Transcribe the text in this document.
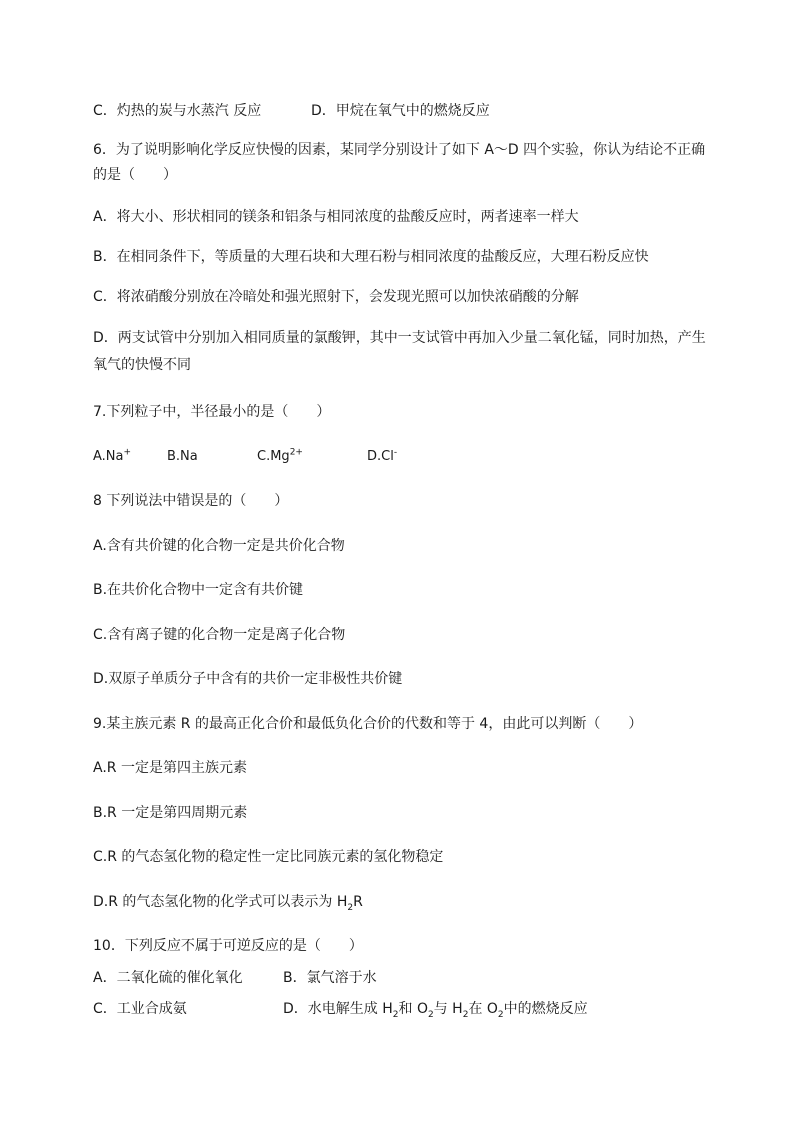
C．灼热的炭与水蒸汽 反应	D．甲烷在氧气中的燃烧反应
6．为了说明影响化学反应快慢的因素，某同学分别设计了如下 A～D 四个实验，你认为结论不正确
的是（　　）
A．将大小、形状相同的镁条和铝条与相同浓度的盐酸反应时，两者速率一样大
B．在相同条件下，等质量的大理石块和大理石粉与相同浓度的盐酸反应，大理石粉反应快
C．将浓硝酸分别放在冷暗处和强光照射下，会发现光照可以加快浓硝酸的分解
D．两支试管中分别加入相同质量的氯酸钾，其中一支试管中再加入少量二氧化锰，同时加热，产生
氧气的快慢不同
7.下列粒子中，半径最小的是（　　）
A.Na+	B.Na	$C.Mg^{2+}$	D.Cl-
8 下列说法中错误是的（　　）
A.含有共价键的化合物一定是共价化合物
B.在共价化合物中一定含有共价键
C.含有离子键的化合物一定是离子化合物
D.双原子单质分子中含有的共价一定非极性共价键
9.某主族元素 R 的最高正化合价和最低负化合价的代数和等于 4，由此可以判断（　　）
A.R 一定是第四主族元素
B.R 一定是第四周期元素
C.R 的气态氢化物的稳定性一定比同族元素的氢化物稳定
D.R 的气态氢化物的化学式可以表示为 $H_2R$
10．下列反应不属于可逆反应的是（　　）
A．二氧化硫的催化氧化	B．氯气溶于水
C．工业合成氨	D．水电解生成 $H_2$和 $O_2$与 $H_2$在 $O_2$中的燃烧反应
